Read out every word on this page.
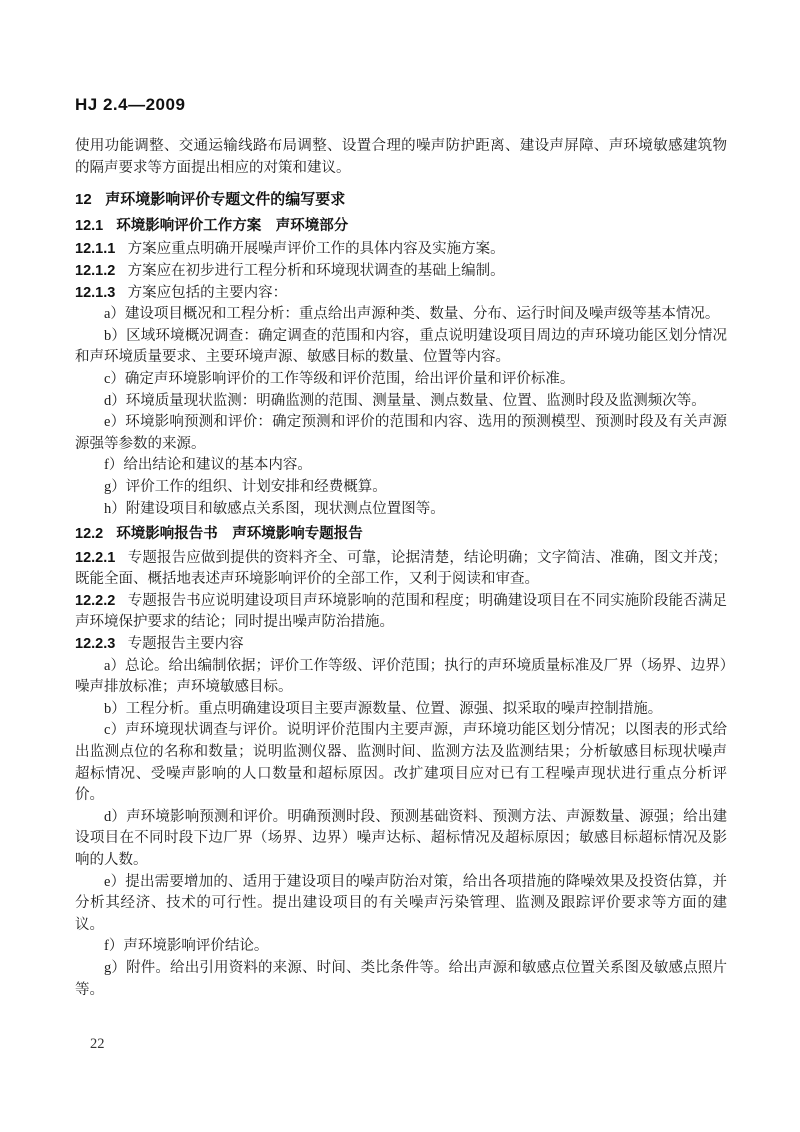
HJ 2.4—2009

使用功能调整、交通运输线路布局调整、设置合理的噪声防护距离、建设声屏障、声环境敏感建筑物的隔声要求等方面提出相应的对策和建议。

12 声环境影响评价专题文件的编写要求
12.1 环境影响评价工作方案　声环境部分

12.1.1 方案应重点明确开展噪声评价工作的具体内容及实施方案。

12.1.2 方案应在初步进行工程分析和环境现状调查的基础上编制。

12.1.3 方案应包括的主要内容：

a）建设项目概况和工程分析：重点给出声源种类、数量、分布、运行时间及噪声级等基本情况。

b）区域环境概况调查：确定调查的范围和内容，重点说明建设项目周边的声环境功能区划分情况和声环境质量要求、主要环境声源、敏感目标的数量、位置等内容。

c）确定声环境影响评价的工作等级和评价范围，给出评价量和评价标准。

d）环境质量现状监测：明确监测的范围、测量量、测点数量、位置、监测时段及监测频次等。

e）环境影响预测和评价：确定预测和评价的范围和内容、选用的预测模型、预测时段及有关声源源强等参数的来源。

f）给出结论和建议的基本内容。

g）评价工作的组织、计划安排和经费概算。

h）附建设项目和敏感点关系图，现状测点位置图等。

12.2 环境影响报告书　声环境影响专题报告

12.2.1 专题报告应做到提供的资料齐全、可靠，论据清楚，结论明确；文字简洁、准确，图文并茂；既能全面、概括地表述声环境影响评价的全部工作，又利于阅读和审查。

12.2.2 专题报告书应说明建设项目声环境影响的范围和程度；明确建设项目在不同实施阶段能否满足声环境保护要求的结论；同时提出噪声防治措施。

12.2.3 专题报告主要内容

a）总论。给出编制依据；评价工作等级、评价范围；执行的声环境质量标准及厂界（场界、边界）噪声排放标准；声环境敏感目标。

b）工程分析。重点明确建设项目主要声源数量、位置、源强、拟采取的噪声控制措施。

c）声环境现状调查与评价。说明评价范围内主要声源，声环境功能区划分情况；以图表的形式给出监测点位的名称和数量；说明监测仪器、监测时间、监测方法及监测结果；分析敏感目标现状噪声超标情况、受噪声影响的人口数量和超标原因。改扩建项目应对已有工程噪声现状进行重点分析评价。

d）声环境影响预测和评价。明确预测时段、预测基础资料、预测方法、声源数量、源强；给出建设项目在不同时段下边厂界（场界、边界）噪声达标、超标情况及超标原因；敏感目标超标情况及影响的人数。

e）提出需要增加的、适用于建设项目的噪声防治对策，给出各项措施的降噪效果及投资估算，并分析其经济、技术的可行性。提出建设项目的有关噪声污染管理、监测及跟踪评价要求等方面的建议。

f）声环境影响评价结论。

g）附件。给出引用资料的来源、时间、类比条件等。给出声源和敏感点位置关系图及敏感点照片等。

22
